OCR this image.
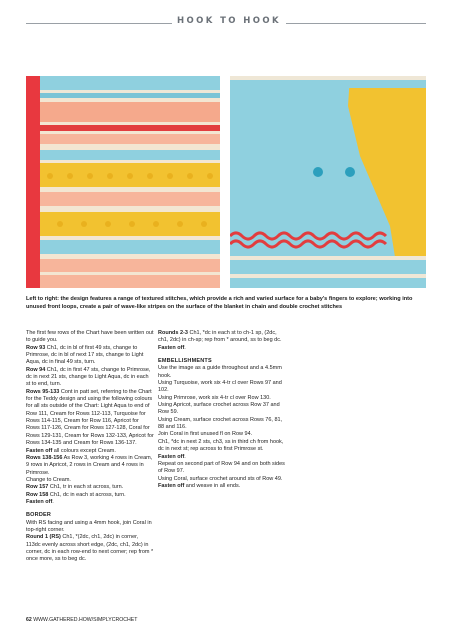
HOOK TO HOOK
Left to right: the design features a range of textured stitches, which provide a rich and varied surface for a baby's fingers to explore; working into unused front loops, create a pair of wave-like stripes on the surface of the blanket in chain and double crochet stitches

The first few rows of the Chart have been written out to guide you.

Row 93 Ch1, dc in bl of first 49 sts, change to Primrose, dc in bl of next 17 sts, change to Light Aqua, dc in final 49 sts, turn.

Row 94 Ch1, dc in first 47 sts, change to Primrose, dc in next 21 sts, change to Light Aqua, dc in each st to end, turn.

Rows 95-133 Cont in patt set, referring to the Chart for the Teddy design and using the following colours for all sts outside of the Chart: Light Aqua to end of Row 111, Cream for Rows 112-113, Turquoise for Rows 114-115, Cream for Row 116, Apricot for Rows 117-126, Cream for Rows 127-128, Coral for Rows 129-131, Cream for Rows 132-133, Apricot for Rows 134-135 and Cream for Rows 136-137.

Fasten off all colours except Cream.

Rows 138-156 As Row 3, working 4 rows in Cream, 9 rows in Apricot, 2 rows in Cream and 4 rows in Primrose.

Change to Cream.

Row 157 Ch1, tr in each st across, turn.

Row 158 Ch1, dc in each st across, turn.

Fasten off.

BORDER

With RS facing and using a 4mm hook, join Coral in top-right corner.

Round 1 (RS) Ch1, *(2dc, ch1, 2dc) in corner, 113dc evenly across short edge, (2dc, ch1, 2dc) in corner, dc in each row-end to next corner; rep from * once more, ss to beg dc.

Rounds 2-3 Ch1, *dc in each st to ch-1 sp, (2dc, ch1, 2dc) in ch-sp; rep from * around, ss to beg dc.

Fasten off.

EMBELLISHMENTS

Use the image as a guide throughout and a 4.5mm hook.

Using Turquoise, work six 4-tr cl over Rows 97 and 102.

Using Primrose, work six 4-tr cl over Row 130.

Using Apricot, surface crochet across Row 37 and Row 59.

Using Cream, surface crochet across Rows 76, 81, 88 and 116.

Join Coral in first unused fl on Row 94.

Ch1, *dc in next 2 sts, ch3, ss in third ch from hook, dc in next st; rep across to first Primrose st.

Fasten off.

Repeat on second part of Row 94 and on both sides of Row 97.

Using Coral, surface crochet around sts of Row 49.

Fasten off and weave in all ends.

62 WWW.GATHERED.HOW/SIMPLYCROCHET
